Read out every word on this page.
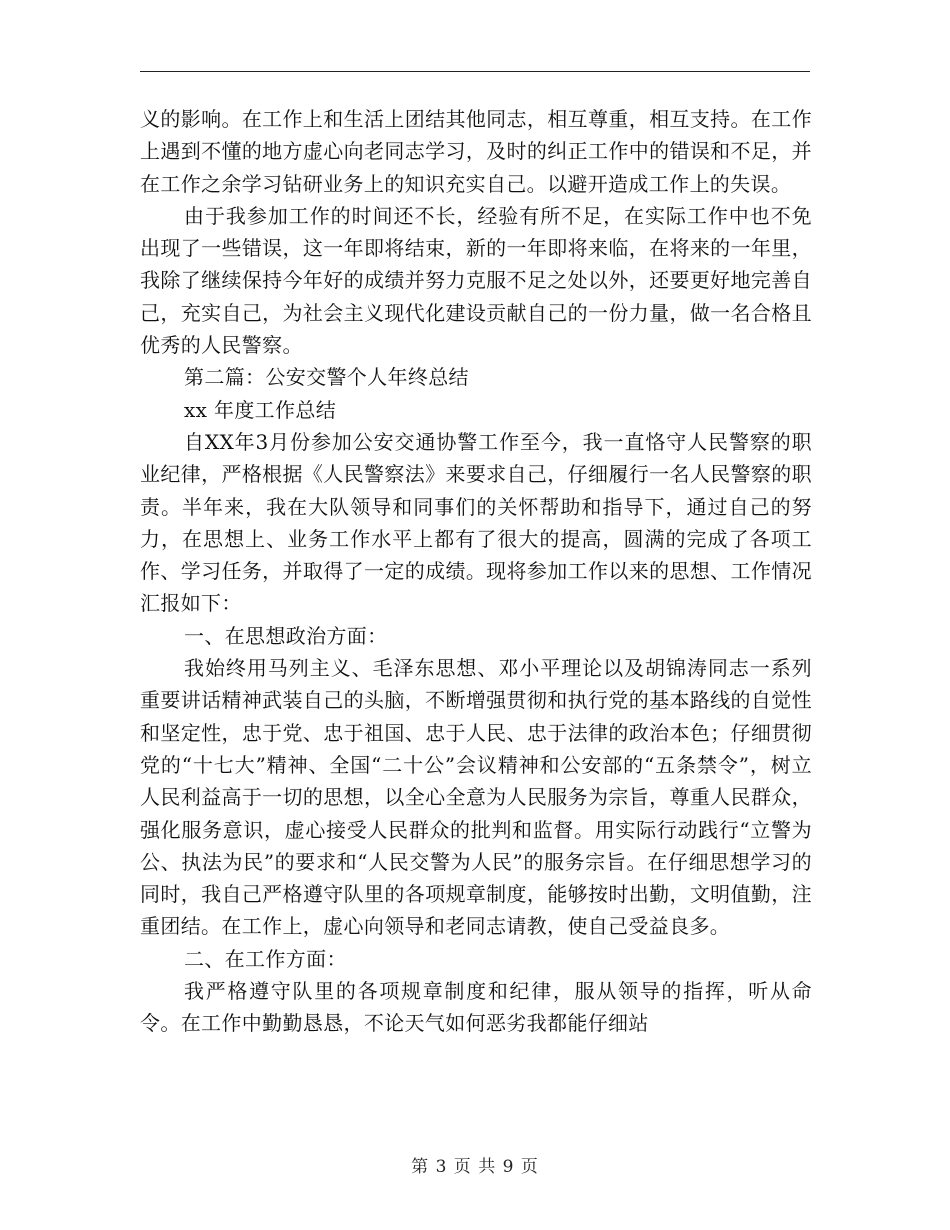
义的影响。在工作上和生活上团结其他同志，相互尊重，相互支持。在工作上遇到不懂的地方虚心向老同志学习，及时的纠正工作中的错误和不足，并在工作之余学习钻研业务上的知识充实自己。以避开造成工作上的失误。

由于我参加工作的时间还不长，经验有所不足，在实际工作中也不免出现了一些错误，这一年即将结束，新的一年即将来临，在将来的一年里，我除了继续保持今年好的成绩并努力克服不足之处以外，还要更好地完善自己，充实自己，为社会主义现代化建设贡献自己的一份力量，做一名合格且优秀的人民警察。

第二篇：公安交警个人年终总结

xx 年度工作总结

自XX年3月份参加公安交通协警工作至今，我一直恪守人民警察的职业纪律，严格根据《人民警察法》来要求自己，仔细履行一名人民警察的职责。半年来，我在大队领导和同事们的关怀帮助和指导下，通过自己的努力，在思想上、业务工作水平上都有了很大的提高，圆满的完成了各项工作、学习任务，并取得了一定的成绩。现将参加工作以来的思想、工作情况汇报如下：

一、在思想政治方面：

我始终用马列主义、毛泽东思想、邓小平理论以及胡锦涛同志一系列重要讲话精神武装自己的头脑，不断增强贯彻和执行党的基本路线的自觉性和坚定性，忠于党、忠于祖国、忠于人民、忠于法律的政治本色；仔细贯彻党的“十七大”精神、全国“二十公”会议精神和公安部的“五条禁令”，树立人民利益高于一切的思想，以全心全意为人民服务为宗旨，尊重人民群众，强化服务意识，虚心接受人民群众的批判和监督。用实际行动践行“立警为公、执法为民”的要求和“人民交警为人民”的服务宗旨。在仔细思想学习的同时，我自己严格遵守队里的各项规章制度，能够按时出勤，文明值勤，注重团结。在工作上，虚心向领导和老同志请教，使自己受益良多。

二、在工作方面：

我严格遵守队里的各项规章制度和纪律，服从领导的指挥，听从命令。在工作中勤勤恳恳，不论天气如何恶劣我都能仔细站

第 3 页 共 9 页
